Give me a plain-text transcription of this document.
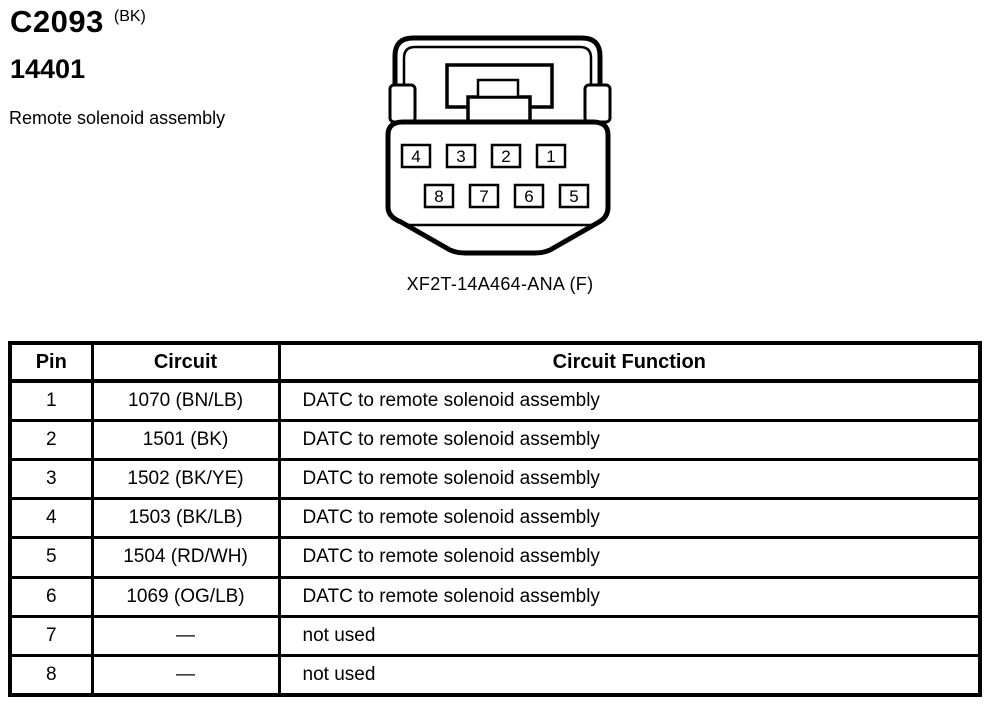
C2093 (BK)
14401
Remote solenoid assembly
4 3 2 1
8 7 6 5
XF2T-14A464-ANA (F)
Pin	Circuit	Circuit Function
1	1070 (BN/LB)	DATC to remote solenoid assembly
2	1501 (BK)	DATC to remote solenoid assembly
3	1502 (BK/YE)	DATC to remote solenoid assembly
4	1503 (BK/LB)	DATC to remote solenoid assembly
5	1504 (RD/WH)	DATC to remote solenoid assembly
6	1069 (OG/LB)	DATC to remote solenoid assembly
7	—	not used
8	—	not used
